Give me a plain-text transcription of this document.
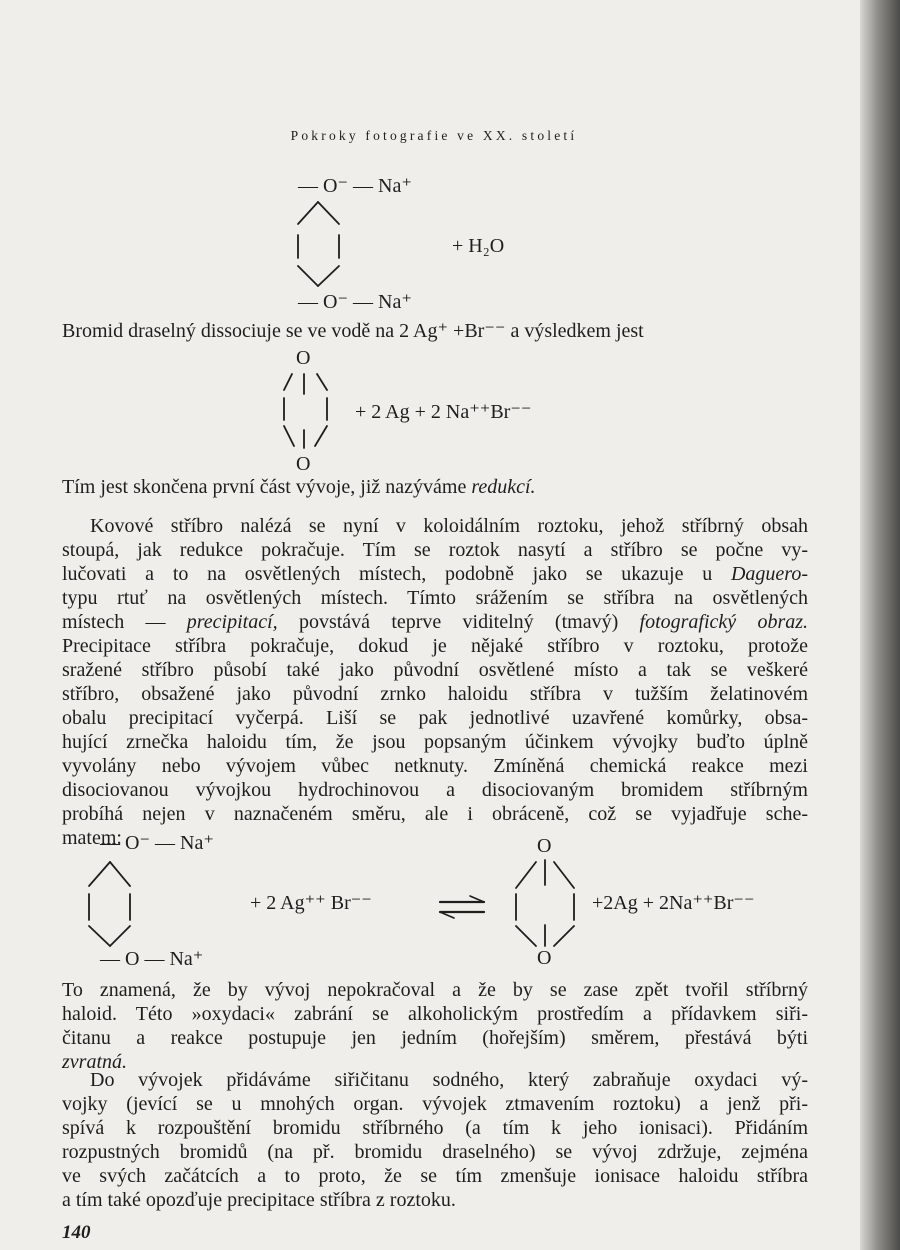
Pokroky fotografie ve XX. století
— O⁻ — Na⁺
+ H₂O
— O⁻ — Na⁺
Bromid draselný dissociuje se ve vodě na 2 Ag⁺ +Br⁻⁻ a výsledkem jest
O
+ 2 Ag + 2 Na⁺⁺Br⁻⁻
O
Tím jest skončena první část vývoje, již nazýváme redukcí.
Kovové stříbro nalézá se nyní v koloidálním roztoku, jehož stříbrný obsah
stoupá, jak redukce pokračuje. Tím se roztok nasytí a stříbro se počne vy-
lučovati a to na osvětlených místech, podobně jako se ukazuje u Daguero-
typu rtuť na osvětlených místech. Tímto srážením se stříbra na osvětlených
místech — precipitací, povstává teprve viditelný (tmavý) fotografický obraz.
Precipitace stříbra pokračuje, dokud je nějaké stříbro v roztoku, protože
sražené stříbro působí také jako původní osvětlené místo a tak se veškeré
stříbro, obsažené jako původní zrnko haloidu stříbra v tužším želatinovém
obalu precipitací vyčerpá. Liší se pak jednotlivé uzavřené komůrky, obsa-
hující zrnečka haloidu tím, že jsou popsaným účinkem vývojky buďto úplně
vyvolány nebo vývojem vůbec netknuty. Zmíněná chemická reakce mezi
disociovanou vývojkou hydrochinovou a disociovaným bromidem stříbrným
probíhá nejen v naznačeném směru, ale i obráceně, což se vyjadřuje sche-
matem:
— O⁻ — Na⁺
— O — Na⁺
+ 2 Ag⁺⁺ Br⁻⁻
O
O
+2Ag + 2Na⁺⁺Br⁻⁻
To znamená, že by vývoj nepokračoval a že by se zase zpět tvořil stříbrný
haloid. Této »oxydaci« zabrání se alkoholickým prostředím a přídavkem siři-
čitanu a reakce postupuje jen jedním (hořejším) směrem, přestává býti
zvratná.
Do vývojek přidáváme siřičitanu sodného, který zabraňuje oxydaci vý-
vojky (jevící se u mnohých organ. vývojek ztmavením roztoku) a jenž při-
spívá k rozpouštění bromidu stříbrného (a tím k jeho ionisaci). Přidáním
rozpustných bromidů (na př. bromidu draselného) se vývoj zdržuje, zejména
ve svých začátcích a to proto, že se tím zmenšuje ionisace haloidu stříbra
a tím také opozďuje precipitace stříbra z roztoku.
140
